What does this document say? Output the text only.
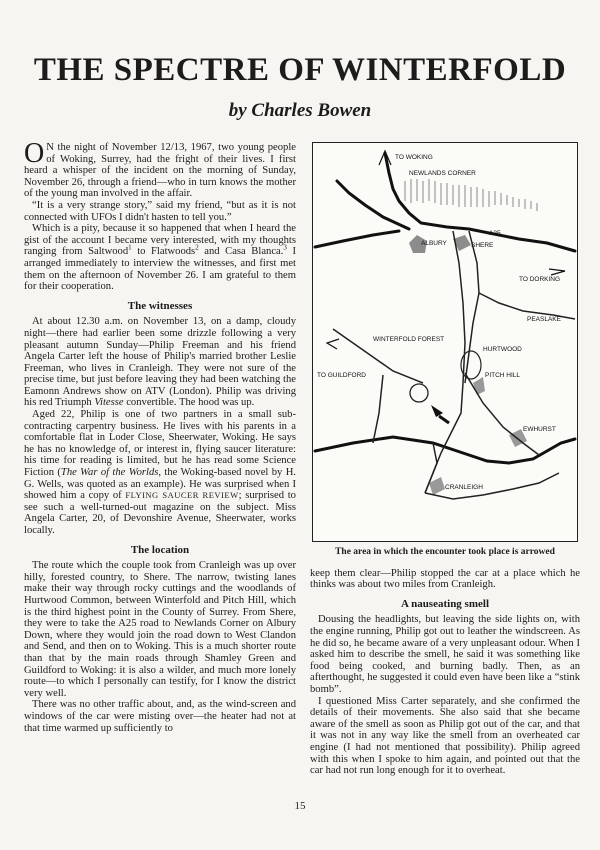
THE SPECTRE OF WINTERFOLD
by Charles Bowen

O N the night of November 12/13, 1967, two young people of Woking, Surrey, had the fright of their lives. I first heard a whisper of the incident on the morning of Sunday, November 26, through a friend—who in turn knows the mother of the young man involved in the affair.

“It is a very strange story,” said my friend, “but as it is not connected with UFOs I didn't hasten to tell you.”

Which is a pity, because it so happened that when I heard the gist of the account I became very interested, with my thoughts ranging from Saltwood$^1$ to Flatwoods$^2$ and Casa Blanca.$^3$ I arranged immediately to interview the witnesses, and first met them on the afternoon of November 26. I am grateful to them for their cooperation.

The witnesses

At about 12.30 a.m. on November 13, on a damp, cloudy night—there had earlier been some drizzle following a very pleasant autumn Sunday—Philip Freeman and his friend Angela Carter left the house of Philip's married brother Leslie Freeman, who lives in Cranleigh. They were not sure of the precise time, but just before leaving they had been watching the Eamonn Andrews show on ATV (London). Philip was driving his red Triumph Vitesse convertible. The hood was up.

Aged 22, Philip is one of two partners in a small sub-contracting carpentry business. He lives with his parents in a comfortable flat in Loder Close, Sheerwater, Woking. He says he has no knowledge of, or interest in, flying saucer literature: his time for reading is limited, but he has read some Science Fiction (The War of the Worlds, the Woking-based novel by H. G. Wells, was quoted as an example). He was surprised when I showed him a copy of FLYING SAUCER REVIEW; surprised to see such a well-turned-out magazine on the subject. Miss Angela Carter, 20, of Devonshire Avenue, Sheerwater, works locally.

The location

The route which the couple took from Cranleigh was up over hilly, forested country, to Shere. The narrow, twisting lanes make their way through rocky cuttings and the woodlands of Hurtwood Common, between Winterfold and Pitch Hill, which is the third highest point in the County of Surrey. From Shere, they were to take the A25 road to Newlands Corner on Albury Down, where they would join the road down to West Clandon and Send, and then on to Woking. This is a much shorter route than that by the main roads through Shamley Green and Guildford to Woking: it is also a wilder, and much more lonely route—to which I personally can testify, for I know the district very well.

There was no other traffic about, and, as the wind-screen and windows of the car were misting over—the heater had not at that time warmed up sufficiently to

TO WOKING
NEWLANDS CORNER
A25
ALBURY	SHERE
TO DORKING
PEASLAKE
WINTERFOLD FOREST
HURTWOOD
PITCH HILL
TO GUILDFORD
EWHURST
CRANLEIGH
The area in which the encounter took place is arrowed

keep them clear—Philip stopped the car at a place which he thinks was about two miles from Cranleigh.

A nauseating smell

Dousing the headlights, but leaving the side lights on, with the engine running, Philip got out to leather the windscreen. As he did so, he became aware of a very unpleasant odour. When I asked him to describe the smell, he said it was something like food being cooked, and burning badly. Then, as an afterthought, he suggested it could even have been like a “stink bomb”.

I questioned Miss Carter separately, and she confirmed the details of their movements. She also said that she became aware of the smell as soon as Philip got out of the car, and that it was not in any way like the smell from an overheated car engine (I had not mentioned that possibility). Philip agreed with this when I spoke to him again, and pointed out that the car had not run long enough for it to overheat.

15
